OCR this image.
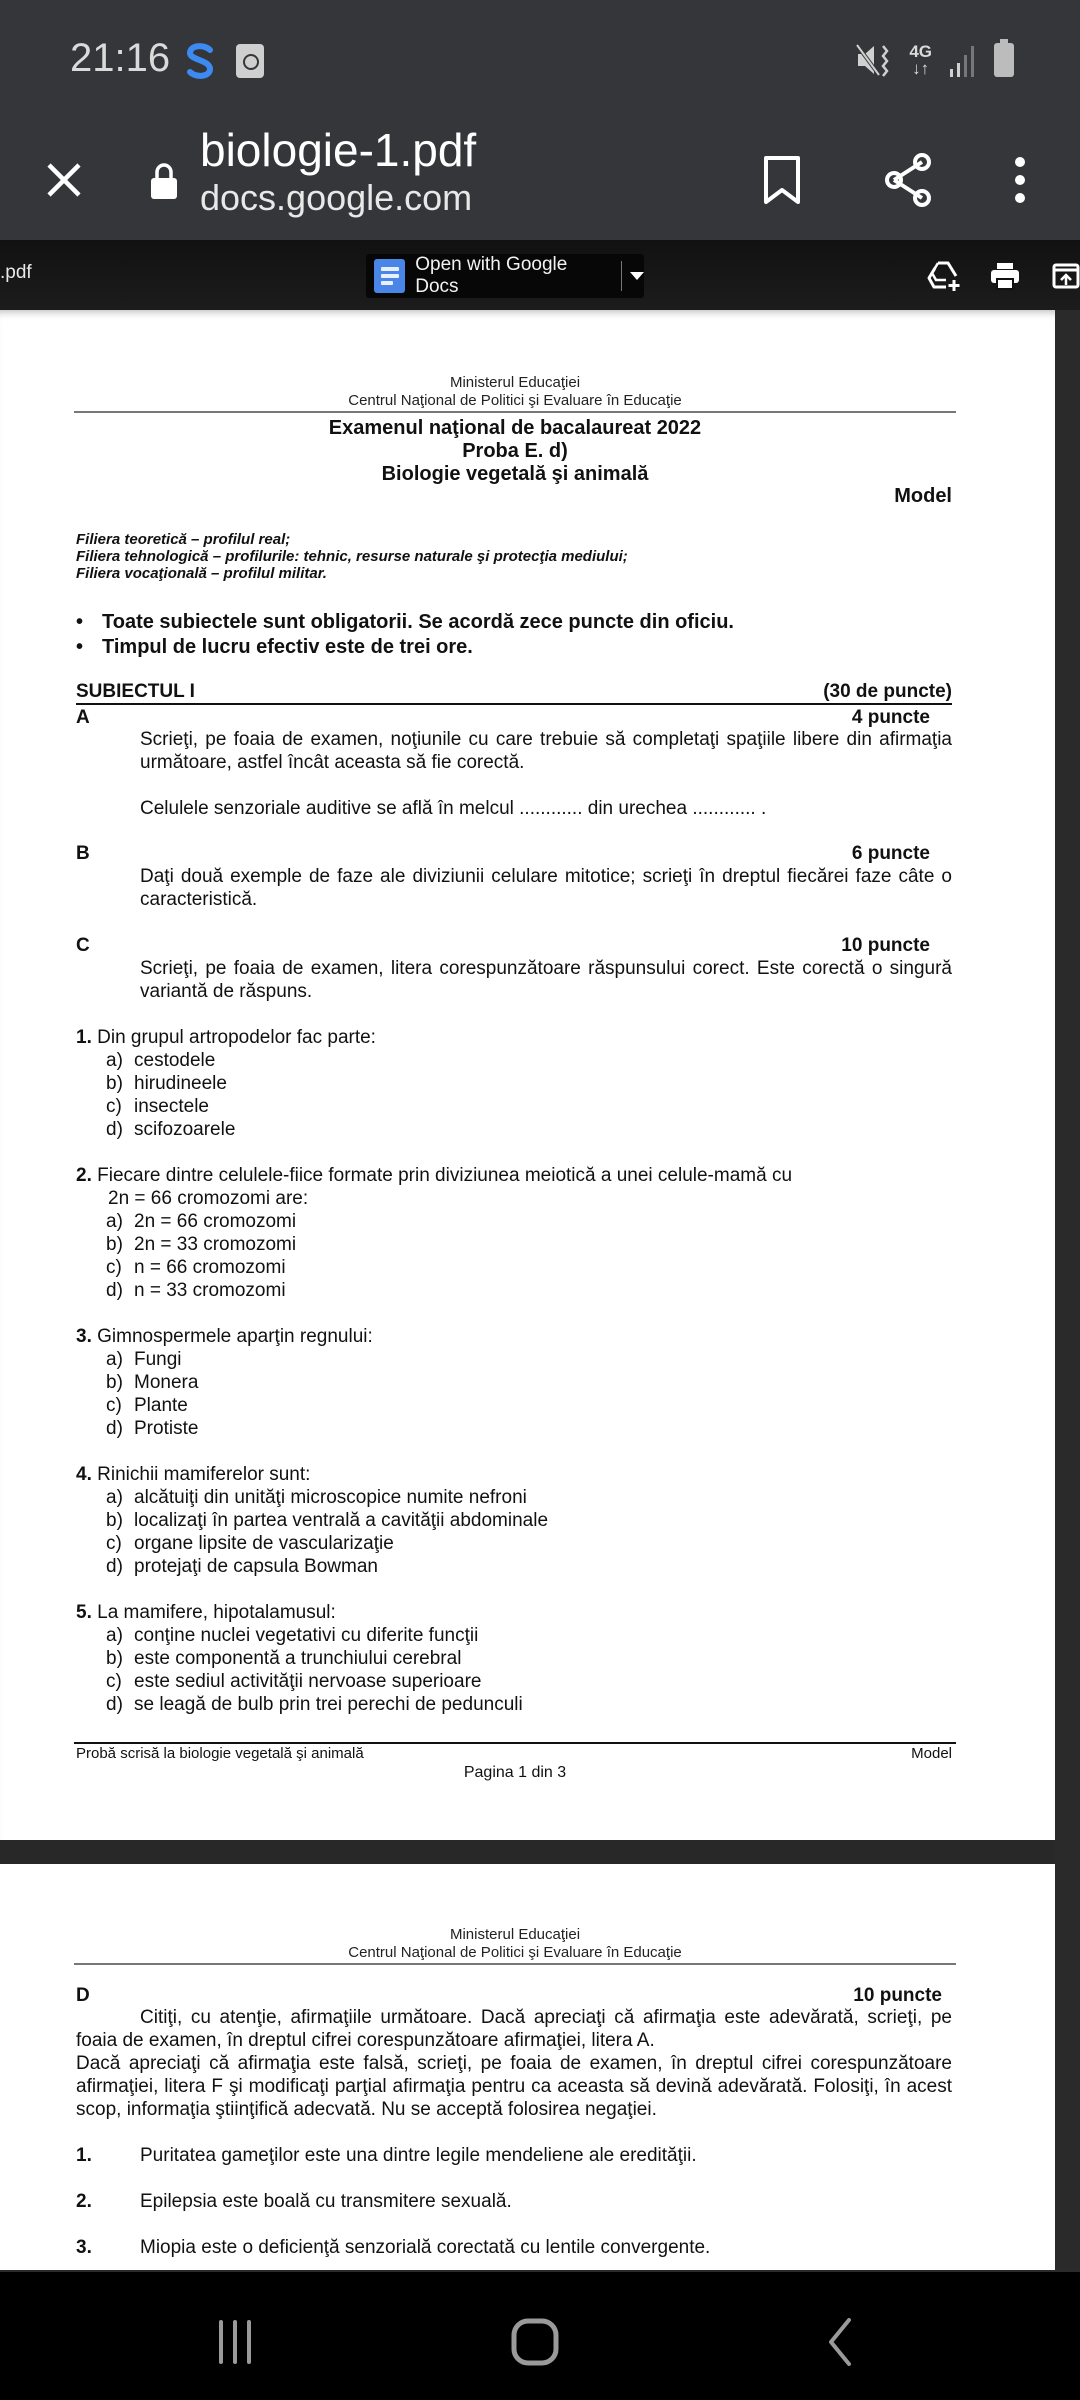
21:16	4G
↓↑
biologie-1.pdf
docs.google.com
.pdf	Open with Google Docs
Ministerul Educaţiei
Centrul Naţional de Politici şi Evaluare în Educaţie
Examenul naţional de bacalaureat 2022
Proba E. d)
Biologie vegetală şi animală
Model
Filiera teoretică – profilul real;
Filiera tehnologică – profilurile: tehnic, resurse naturale şi protecţia mediului;
Filiera vocaţională – profilul militar.
• Toate subiectele sunt obligatorii. Se acordă zece puncte din oficiu.
• Timpul de lucru efectiv este de trei ore.
SUBIECTUL I	(30 de puncte)
A	4 puncte
Scrieţi, pe foaia de examen, noţiunile cu care trebuie să completaţi spaţiile libere din afirmaţia următoare, astfel încât aceasta să fie corectă.
Celulele senzoriale auditive se află în melcul ............ din urechea ............ .
B	6 puncte
Daţi două exemple de faze ale diviziunii celulare mitotice; scrieţi în dreptul fiecărei faze câte o caracteristică.
C	10 puncte
Scrieţi, pe foaia de examen, litera corespunzătoare răspunsului corect. Este corectă o singură variantă de răspuns.
1. Din grupul artropodelor fac parte:
a) cestodele
b) hirudineele
c) insectele
d) scifozoarele
2. Fiecare dintre celulele-fiice formate prin diviziunea meiotică a unei celule-mamă cu
2n = 66 cromozomi are:
a) 2n = 66 cromozomi
b) 2n = 33 cromozomi
c) n = 66 cromozomi
d) n = 33 cromozomi
3. Gimnospermele aparţin regnului:
a) Fungi
b) Monera
c) Plante
d) Protiste
4. Rinichii mamiferelor sunt:
a) alcătuiţi din unităţi microscopice numite nefroni
b) localizaţi în partea ventrală a cavităţii abdominale
c) organe lipsite de vascularizaţie
d) protejaţi de capsula Bowman
5. La mamifere, hipotalamusul:
a) conţine nuclei vegetativi cu diferite funcţii
b) este componentă a trunchiului cerebral
c) este sediul activităţii nervoase superioare
d) se leagă de bulb prin trei perechi de pedunculi
Probă scrisă la biologie vegetală şi animală	Model
Pagina 1 din 3
Ministerul Educaţiei
Centrul Naţional de Politici şi Evaluare în Educaţie
D	10 puncte
Citiţi, cu atenţie, afirmaţiile următoare. Dacă apreciaţi că afirmaţia este adevărată, scrieţi, pe foaia de examen, în dreptul cifrei corespunzătoare afirmaţiei, litera A.
Dacă apreciaţi că afirmaţia este falsă, scrieţi, pe foaia de examen, în dreptul cifrei corespunzătoare afirmaţiei, litera F şi modificaţi parţial afirmaţia pentru ca aceasta să devină adevărată. Folosiţi, în acest scop, informaţia ştiinţifică adecvată. Nu se acceptă folosirea negaţiei.
1.	Puritatea gameţilor este una dintre legile mendeliene ale eredităţii.
2.	Epilepsia este boală cu transmitere sexuală.
3.	Miopia este o deficienţă senzorială corectată cu lentile convergente.
